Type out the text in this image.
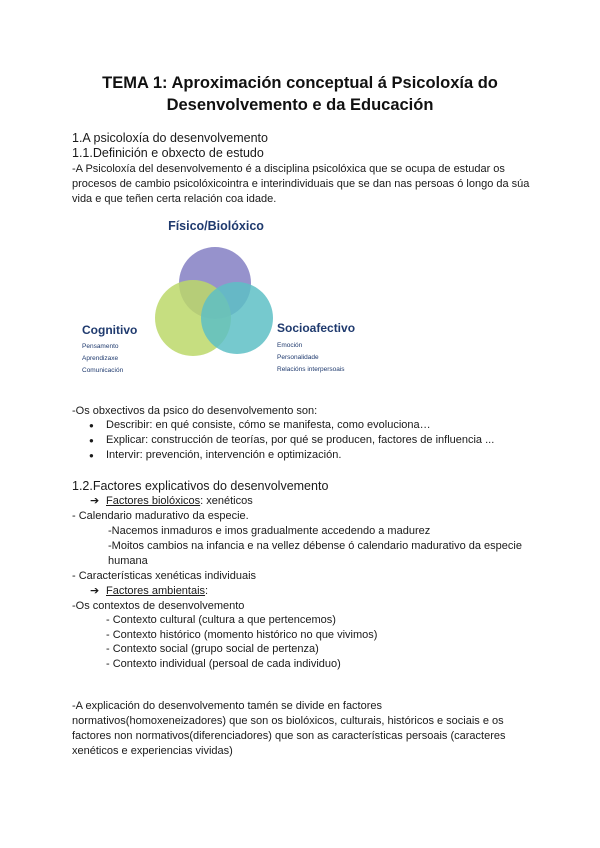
TEMA 1: Aproximación conceptual á Psicoloxía do
Desenvolvemento e da Educación
1.A psicoloxía do desenvolvemento
1.1.Definición e obxecto de estudo
-A Psicoloxía del desenvolvemento é a disciplina psicolóxica que se ocupa de estudar os procesos de cambio psicolóxicointra e interindividuais que se dan nas persoas ó longo da súa vida e que teñen certa relación coa idade.
Físico/Biolóxico
Cognitivo
Pensamento
Aprendizaxe
Comunicación
Socioafectivo
Emoción
Personalidade
Relacións interpersoais
-Os obxectivos da psico do desenvolvemento son:
● Describir: en qué consiste, cómo se manifesta, como evoluciona…
● Explicar: construcción de teorías, por qué se producen, factores de influencia ...
● Intervir: prevención, intervención e optimización.
1.2.Factores explicativos do desenvolvemento
➔ Factores biolóxicos: xenéticos
- Calendario madurativo da especie.
-Nacemos inmaduros e imos gradualmente accedendo a madurez
-Moitos cambios na infancia e na vellez débense ó calendario madurativo da especie
humana
- Características xenéticas individuais
➔ Factores ambientais:
-Os contextos de desenvolvemento
- Contexto cultural (cultura a que pertencemos)
- Contexto histórico (momento histórico no que vivimos)
- Contexto social (grupo social de pertenza)
- Contexto individual (persoal de cada individuo)
-A explicación do desenvolvemento tamén se divide en factores normativos(homoxeneizadores) que son os biolóxicos, culturais, históricos e sociais e os factores non normativos(diferenciadores) que son as características persoais (caracteres xenéticos e experiencias vividas)
